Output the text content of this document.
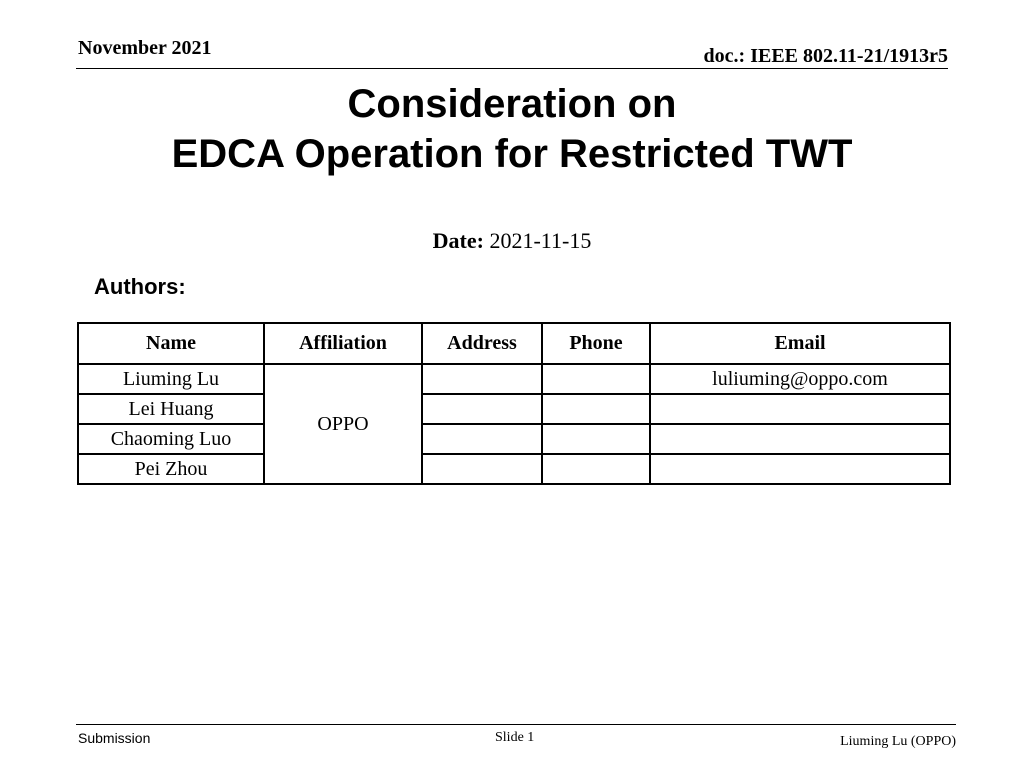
November 2021	doc.: IEEE 802.11-21/1913r5
Consideration on
EDCA Operation for Restricted TWT
Date: 2021-11-15
Authors:
Name	Affiliation	Address	Phone	Email
Liuming Lu	OPPO			luliuming@oppo.com
Lei Huang				
Chaoming Luo				
Pei Zhou				
Submission	Slide 1	Liuming Lu (OPPO)
